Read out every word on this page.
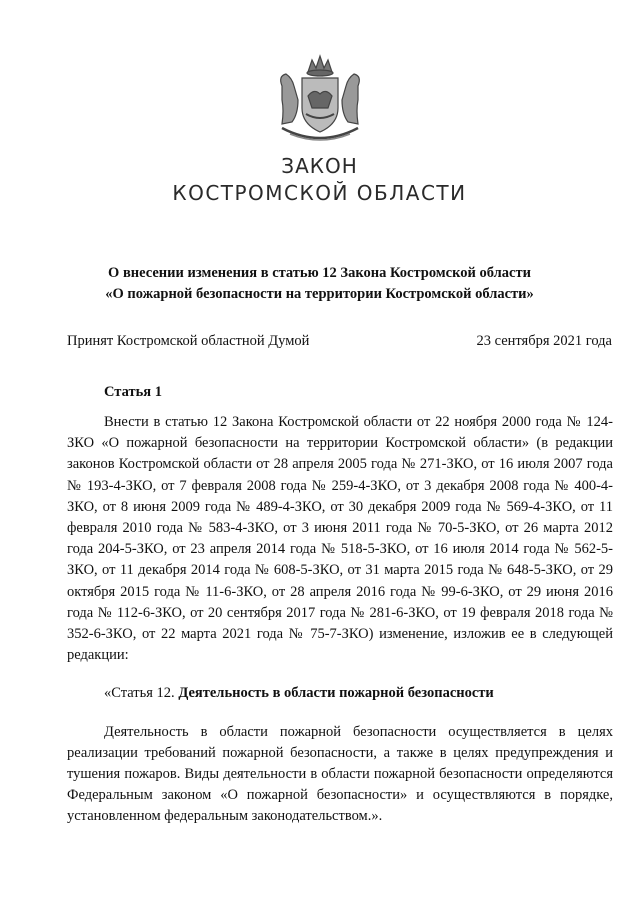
ЗАКОН
КОСТРОМСКОЙ ОБЛАСТИ
О внесении изменения в статью 12 Закона Костромской области
«О пожарной безопасности на территории Костромской области»
Принят Костромской областной Думой	23 сентября 2021 года
Статья 1

Внести в статью 12 Закона Костромской области от 22 ноября 2000 года № 124-ЗКО «О пожарной безопасности на территории Костромской области» (в редакции законов Костромской области от 28 апреля 2005 года № 271-ЗКО, от 16 июля 2007 года № 193-4-ЗКО, от 7 февраля 2008 года № 259-4-ЗКО, от 3 декабря 2008 года № 400-4-ЗКО, от 8 июня 2009 года № 489-4-ЗКО, от 30 декабря 2009 года № 569-4-ЗКО, от 11 февраля 2010 года № 583-4-ЗКО, от 3 июня 2011 года № 70-5-ЗКО, от 26 марта 2012 года 204-5-ЗКО, от 23 апреля 2014 года № 518-5-ЗКО, от 16 июля 2014 года № 562-5-ЗКО, от 11 декабря 2014 года № 608-5-ЗКО, от 31 марта 2015 года № 648-5-ЗКО, от 29 октября 2015 года № 11-6-ЗКО, от 28 апреля 2016 года № 99-6-ЗКО, от 29 июня 2016 года № 112-6-ЗКО, от 20 сентября 2017 года № 281-6-ЗКО, от 19 февраля 2018 года № 352-6-ЗКО, от 22 марта 2021 года № 75-7-ЗКО) изменение, изложив ее в следующей редакции:

«Статья 12. Деятельность в области пожарной безопасности

Деятельность в области пожарной безопасности осуществляется в целях реализации требований пожарной безопасности, а также в целях предупреждения и тушения пожаров. Виды деятельности в области пожарной безопасности определяются Федеральным законом «О пожарной безопасности» и осуществляются в порядке, установленном федеральным законодательством.».
